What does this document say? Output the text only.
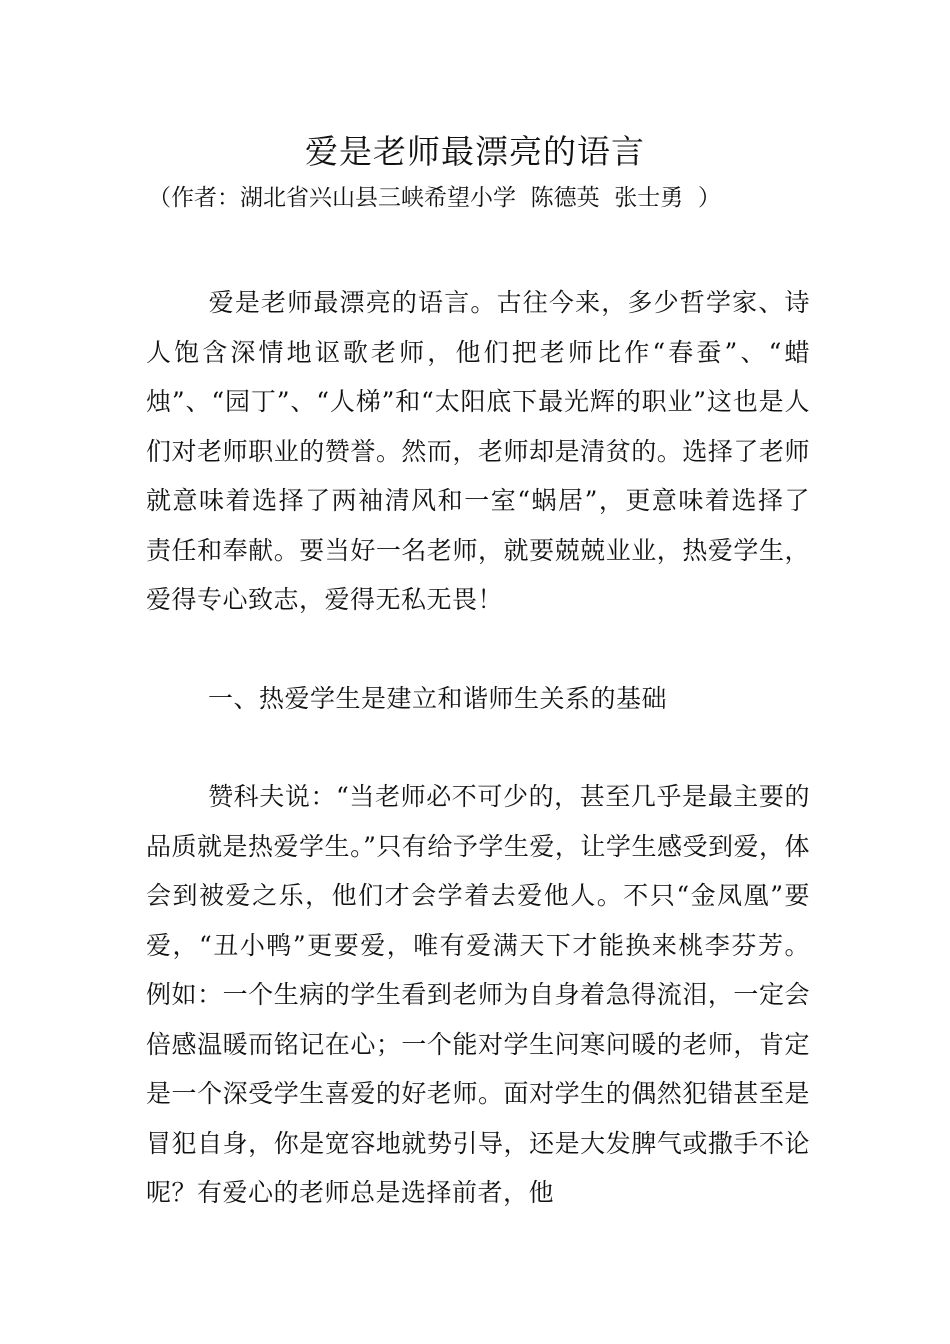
爱是老师最漂亮的语言
（作者：湖北省兴山县三峡希望小学  陈德英  张士勇  ）

爱是老师最漂亮的语言。古往今来，多少哲学家、诗人饱含深情地讴歌老师，他们把老师比作“春蚕”、“蜡烛”、“园丁”、“人梯”和“太阳底下最光辉的职业”这也是人们对老师职业的赞誉。然而，老师却是清贫的。选择了老师就意味着选择了两袖清风和一室“蜗居”，更意味着选择了责任和奉献。要当好一名老师，就要兢兢业业，热爱学生，爱得专心致志，爱得无私无畏！

一、热爱学生是建立和谐师生关系的基础

赞科夫说：“当老师必不可少的，甚至几乎是最主要的品质就是热爱学生。”只有给予学生爱，让学生感受到爱，体会到被爱之乐，他们才会学着去爱他人。不只“金凤凰”要爱，“丑小鸭”更要爱，唯有爱满天下才能换来桃李芬芳。例如：一个生病的学生看到老师为自身着急得流泪，一定会倍感温暖而铭记在心；一个能对学生问寒问暖的老师，肯定是一个深受学生喜爱的好老师。面对学生的偶然犯错甚至是冒犯自身，你是宽容地就势引导，还是大发脾气或撒手不论呢？有爱心的老师总是选择前者，他
